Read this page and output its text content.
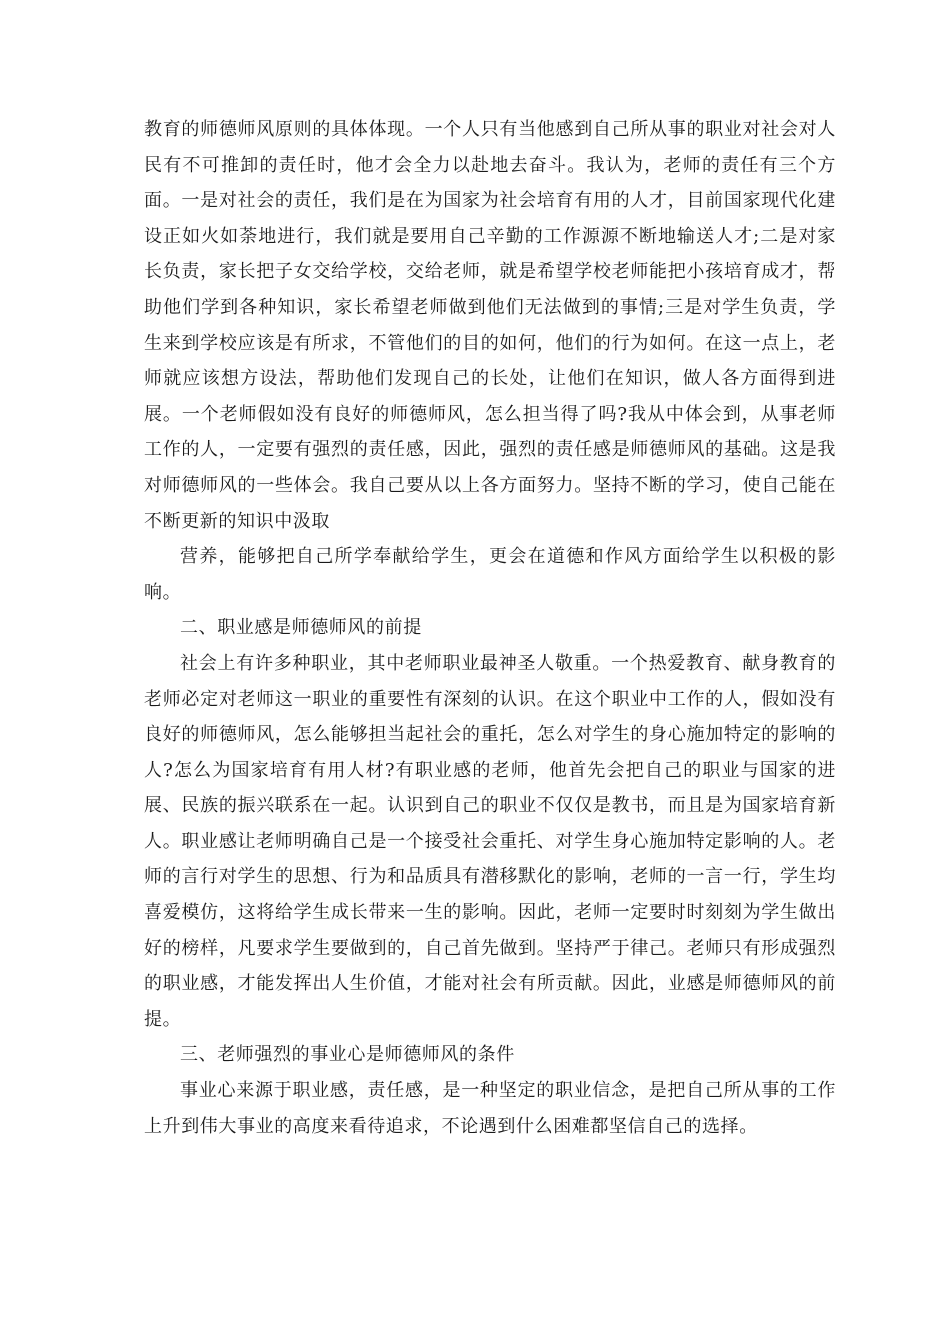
教育的师德师风原则的具体体现。一个人只有当他感到自己所从事的职业对社会对人民有不可推卸的责任时，他才会全力以赴地去奋斗。我认为，老师的责任有三个方面。一是对社会的责任，我们是在为国家为社会培育有用的人才，目前国家现代化建设正如火如荼地进行，我们就是要用自己辛勤的工作源源不断地输送人才;二是对家长负责，家长把子女交给学校，交给老师，就是希望学校老师能把小孩培育成才，帮助他们学到各种知识，家长希望老师做到他们无法做到的事情;三是对学生负责，学生来到学校应该是有所求，不管他们的目的如何，他们的行为如何。在这一点上，老师就应该想方设法，帮助他们发现自己的长处，让他们在知识，做人各方面得到进展。一个老师假如没有良好的师德师风，怎么担当得了吗?我从中体会到，从事老师工作的人，一定要有强烈的责任感，因此，强烈的责任感是师德师风的基础。这是我对师德师风的一些体会。我自己要从以上各方面努力。坚持不断的学习，使自己能在不断更新的知识中汲取

营养，能够把自己所学奉献给学生，更会在道德和作风方面给学生以积极的影响。

二、职业感是师德师风的前提

社会上有许多种职业，其中老师职业最神圣人敬重。一个热爱教育、献身教育的老师必定对老师这一职业的重要性有深刻的认识。在这个职业中工作的人，假如没有良好的师德师风，怎么能够担当起社会的重托，怎么对学生的身心施加特定的影响的人?怎么为国家培育有用人材?有职业感的老师，他首先会把自己的职业与国家的进展、民族的振兴联系在一起。认识到自己的职业不仅仅是教书，而且是为国家培育新人。职业感让老师明确自己是一个接受社会重托、对学生身心施加特定影响的人。老师的言行对学生的思想、行为和品质具有潜移默化的影响，老师的一言一行，学生均喜爱模仿，这将给学生成长带来一生的影响。因此，老师一定要时时刻刻为学生做出好的榜样，凡要求学生要做到的，自己首先做到。坚持严于律己。老师只有形成强烈的职业感，才能发挥出人生价值，才能对社会有所贡献。因此，业感是师德师风的前提。

三、老师强烈的事业心是师德师风的条件

事业心来源于职业感，责任感，是一种坚定的职业信念，是把自己所从事的工作上升到伟大事业的高度来看待追求，不论遇到什么困难都坚信自己的选择。
